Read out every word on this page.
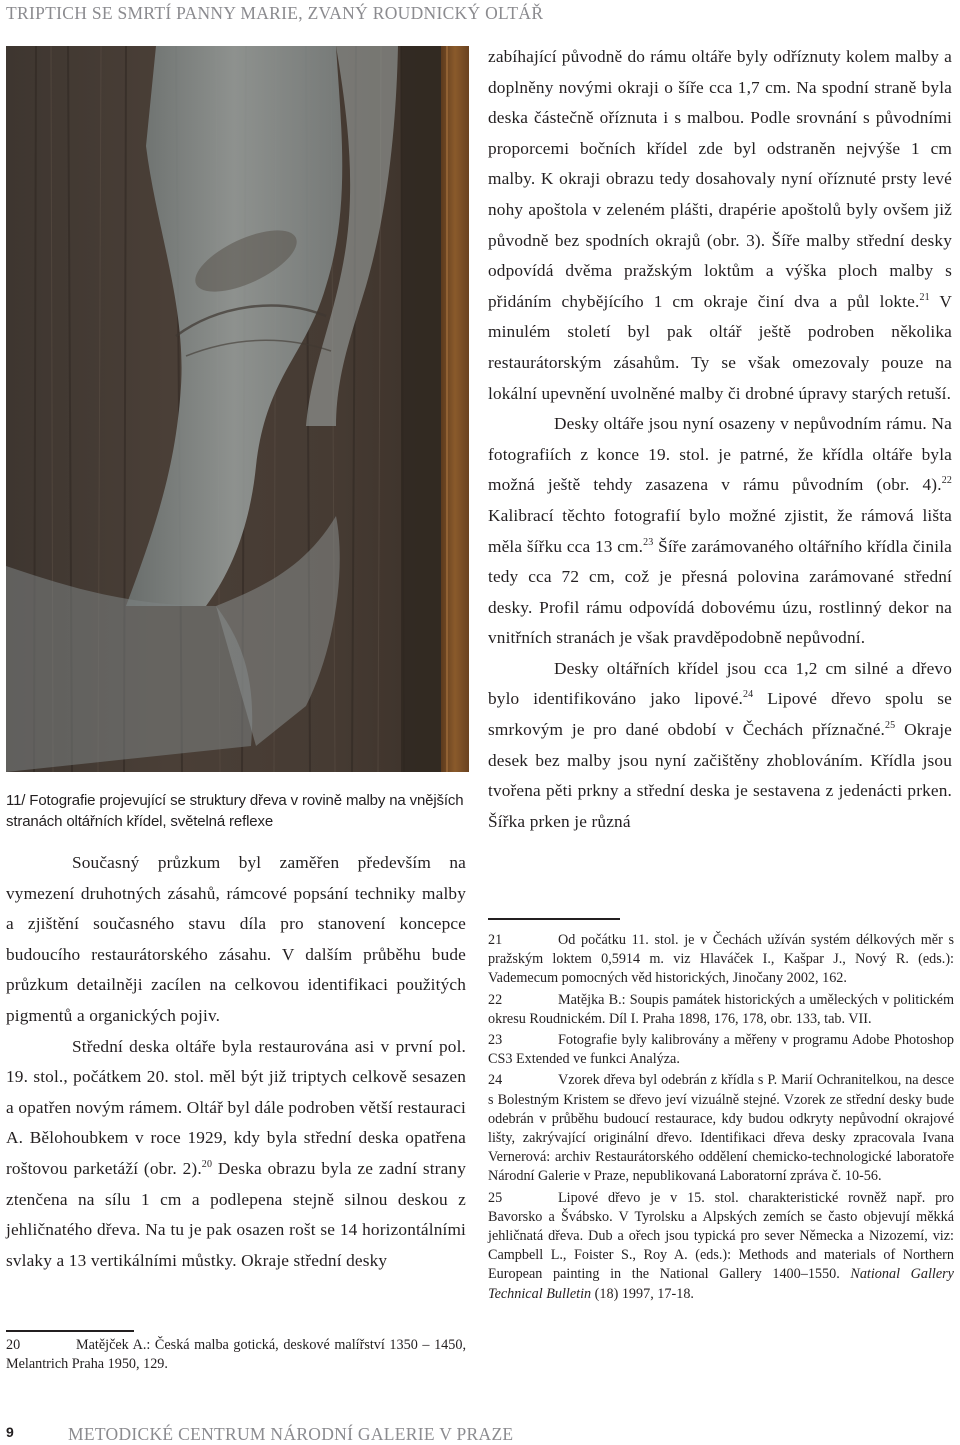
TRIPTICH SE SMRTÍ PANNY MARIE, ZVANÝ ROUDNICKÝ OLTÁŘ
11/ Fotografie projevující se struktury dřeva v rovině malby na vnějších stranách oltářních křídel, světelná reflexe

Současný průzkum byl zaměřen především na vymezení druhotných zásahů, rámcové popsání techniky malby a zjištění současného stavu díla pro stanovení koncepce budoucího restaurátorského zásahu. V dalším průběhu bude průzkum detailněji zacílen na celkovou identifikaci použitých pigmentů a organických pojiv.

Střední deska oltáře byla restaurována asi v první pol. 19. stol., počátkem 20. stol. měl být již triptych celkově sesazen a opatřen novým rámem. Oltář byl dále podroben větší restauraci A. Bělohoubkem v roce 1929, kdy byla střední deska opatřena roštovou parketáží (obr. 2).$^{20}$ Deska obrazu byla ze zadní strany ztenčena na sílu 1 cm a podlepena stejně silnou deskou z jehličnatého dřeva. Na tu je pak osazen rošt se 14 horizontálními svlaky a 13 vertikálními můstky. Okraje střední desky

20	Matějček A.: Česká malba gotická, deskové malířství 1350 – 1450, Melantrich Praha 1950, 129.

zabíhající původně do rámu oltáře byly odříznuty kolem malby a doplněny novými okraji o šíře cca 1,7 cm. Na spodní straně byla deska částečně oříznuta i s malbou. Podle srovnání s původními proporcemi bočních křídel zde byl odstraněn nejvýše 1 cm malby. K okraji obrazu tedy dosahovaly nyní oříznuté prsty levé nohy apoštola v zeleném plášti, drapérie apoštolů byly ovšem již původně bez spodních okrajů (obr. 3). Šíře malby střední desky odpovídá dvěma pražským loktům a výška ploch malby s přidáním chybějícího 1 cm okraje činí dva a půl lokte.$^{21}$ V minulém století byl pak oltář ještě podroben několika restaurátorským zásahům. Ty se však omezovaly pouze na lokální upevnění uvolněné malby či drobné úpravy starých retuší.

Desky oltáře jsou nyní osazeny v nepůvodním rámu. Na fotografiích z konce 19. stol. je patrné, že křídla oltáře byla možná ještě tehdy zasazena v rámu původním (obr. 4).$^{22}$ Kalibrací těchto fotografií bylo možné zjistit, že rámová lišta měla šířku cca 13 cm.$^{23}$ Šíře zarámovaného oltářního křídla činila tedy cca 72 cm, což je přesná polovina zarámované střední desky. Profil rámu odpovídá dobovému úzu, rostlinný dekor na vnitřních stranách je však pravděpodobně nepůvodní.

Desky oltářních křídel jsou cca 1,2 cm silné a dřevo bylo identifikováno jako lipové.$^{24}$ Lipové dřevo spolu se smrkovým je pro dané období v Čechách příznačné.$^{25}$ Okraje desek bez malby jsou nyní začištěny zhoblováním. Křídla jsou tvořena pěti prkny a střední deska je sestavena z jedenácti prken. Šířka prken je různá

21	Od počátku 11. stol. je v Čechách užíván systém délkových měr s pražským loktem 0,5914 m. viz Hlaváček I., Kašpar J., Nový R. (eds.): Vademecum pomocných věd historických, Jinočany 2002, 162.

22	Matějka B.: Soupis památek historických a uměleckých v politickém okresu Roudnickém. Díl I. Praha 1898, 176, 178, obr. 133, tab. VII.

23	Fotografie byly kalibrovány a měřeny v programu Adobe Photoshop CS3 Extended ve funkci Analýza.

24	Vzorek dřeva byl odebrán z křídla s P. Marií Ochranitelkou, na desce s Bolestným Kristem se dřevo jeví vizuálně stejné. Vzorek ze střední desky bude odebrán v průběhu budoucí restaurace, kdy budou odkryty nepůvodní okrajové lišty, zakrývající originální dřevo. Identifikaci dřeva desky zpracovala Ivana Vernerová: archiv Restaurátorského oddělení chemicko-technologické laboratoře Národní Galerie v Praze, nepublikovaná Laboratorní zpráva č. 10-56.

25	Lipové dřevo je v 15. stol. charakteristické rovněž např. pro Bavorsko a Švábsko. V Tyrolsku a Alpských zemích se často objevují měkká jehličnatá dřeva. Dub a ořech jsou typická pro sever Německa a Nizozemí, viz: Campbell L., Foister S., Roy A. (eds.): Methods and materials of Northern European painting in the National Gallery 1400–1550. National Gallery Technical Bulletin (18) 1997, 17-18.

9	METODICKÉ CENTRUM NÁRODNÍ GALERIE V PRAZE
